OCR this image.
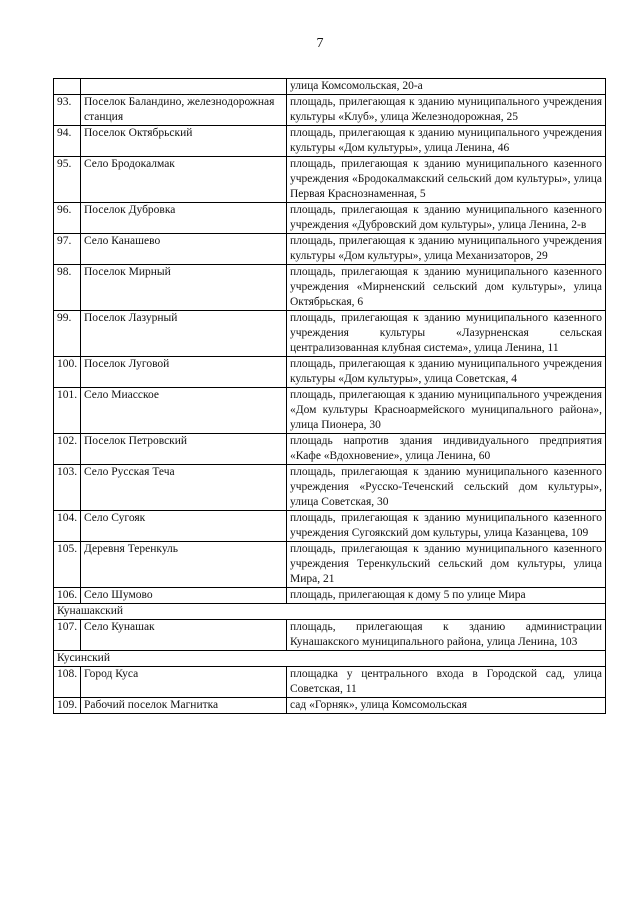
7
		улица Комсомольская, 20-а
93.	Поселок Баландино, железнодорожная станция	площадь, прилегающая к зданию муниципального учреждения культуры «Клуб», улица Железнодорожная, 25
94.	Поселок Октябрьский	площадь, прилегающая к зданию муниципального учреждения культуры «Дом культуры», улица Ленина, 46
95.	Село Бродокалмак	площадь, прилегающая к зданию муниципального казенного учреждения «Бродокалмакский сельский дом культуры», улица Первая Краснознаменная, 5
96.	Поселок Дубровка	площадь, прилегающая к зданию муниципального казенного учреждения «Дубровский дом культуры», улица Ленина, 2-в
97.	Село Канашево	площадь, прилегающая к зданию муниципального учреждения культуры «Дом культуры», улица Механизаторов, 29
98.	Поселок Мирный	площадь, прилегающая к зданию муниципального казенного учреждения «Мирненский сельский дом культуры», улица Октябрьская, 6
99.	Поселок Лазурный	площадь, прилегающая к зданию муниципального казенного учреждения культуры «Лазурненская сельская централизованная клубная система», улица Ленина, 11
100.	Поселок Луговой	площадь, прилегающая к зданию муниципального учреждения культуры «Дом культуры», улица Советская, 4
101.	Село Миасское	площадь, прилегающая к зданию муниципального учреждения «Дом культуры Красноармейского муниципального района», улица Пионера, 30
102.	Поселок Петровский	площадь напротив здания индивидуального предприятия «Кафе «Вдохновение», улица Ленина, 60
103.	Село Русская Теча	площадь, прилегающая к зданию муниципального казенного учреждения «Русско-Теченский сельский дом культуры», улица Советская, 30
104.	Село Сугояк	площадь, прилегающая к зданию муниципального казенного учреждения Сугоякский дом культуры, улица Казанцева, 109
105.	Деревня Теренкуль	площадь, прилегающая к зданию муниципального казенного учреждения Теренкульский сельский дом культуры, улица Мира, 21
106.	Село Шумово	площадь, прилегающая к дому 5 по улице Мира
Кунашакский		
107.	Село Кунашак	площадь, прилегающая к зданию администрации Кунашакского муниципального района, улица Ленина, 103
Кусинский		
108.	Город Куса	площадка у центрального входа в Городской сад, улица Советская, 11
109.	Рабочий поселок Магнитка	сад «Горняк», улица Комсомольская
